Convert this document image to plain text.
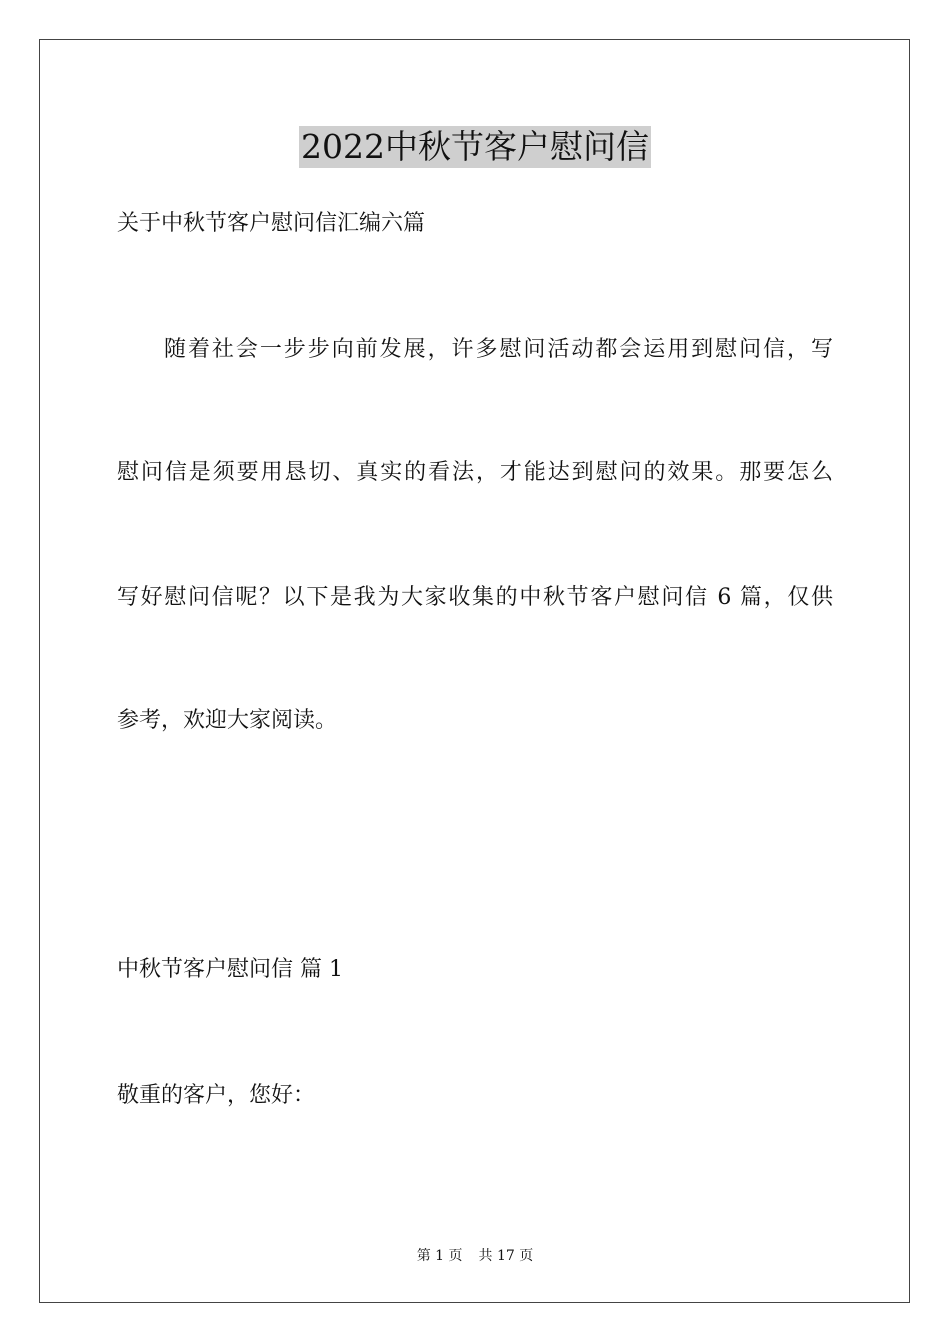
2022中秋节客户慰问信
关于中秋节客户慰问信汇编六篇
随着社会一步步向前发展，许多慰问活动都会运用到慰问信，写
慰问信是须要用恳切、真实的看法，才能达到慰问的效果。那要怎么
写好慰问信呢？以下是我为大家收集的中秋节客户慰问信 6 篇，仅供
参考，欢迎大家阅读。
中秋节客户慰问信 篇 1
敬重的客户，您好：
第 1 页 共 17 页
